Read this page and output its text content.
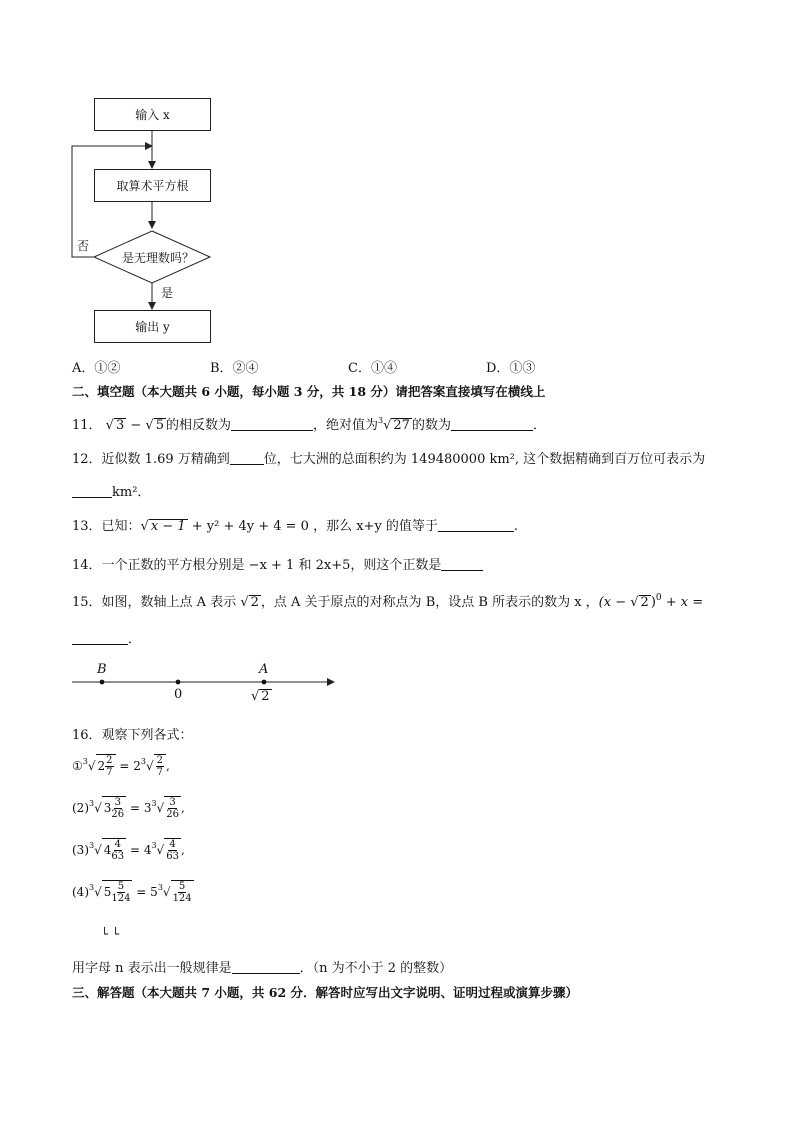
输入 x
取算术平方根
是无理数吗？
否
是
输出 y
A．①②	B．②④	C．①④	D．①③
二、填空题（本大题共 6 小题，每小题 3 分，共 18 分）请把答案直接填写在横线上
11． √ 3 − √ 5 的相反数为	，绝对值为$^3$√ 27 的数为	．
12．近似数 1.69 万精确到	位，七大洲的总面积约为 149480000 km², 这个数据精确到百万位可表示为
km²．
13．已知：√ x − 1 + y² + 4y + 4 = 0 ，那么 x+y 的值等于	.
14．一个正数的平方根分别是 −x + 1 和 2x+5，则这个正数是
15．如图，数轴上点 A 表示 √ 2 ，点 A 关于原点的对称点为 B，设点 B 所表示的数为 x ，(x − √ 2 )$^0$ + x =
．
B	A
0	√ 2
16．观察下列各式：
①$^3$√ $2 \frac{2}{7} = 2^3√ \frac{2}{7}$ ,
$(2)^3√$ $3 \frac{3}{26} = 3^3√ \frac{3}{26}$ ,
$(3)^3√$ $4 \frac{4}{63} = 4^3√ \frac{4}{63}$ ,
$(4)^3√$ $5 \frac{5}{124} = 5^3√ \frac{5}{124}$
└ └
用字母 n 表示出一般规律是	．（n 为不小于 2 的整数）
三、解答题（本大题共 7 小题，共 62 分．解答时应写出文字说明、证明过程或演算步骤）
